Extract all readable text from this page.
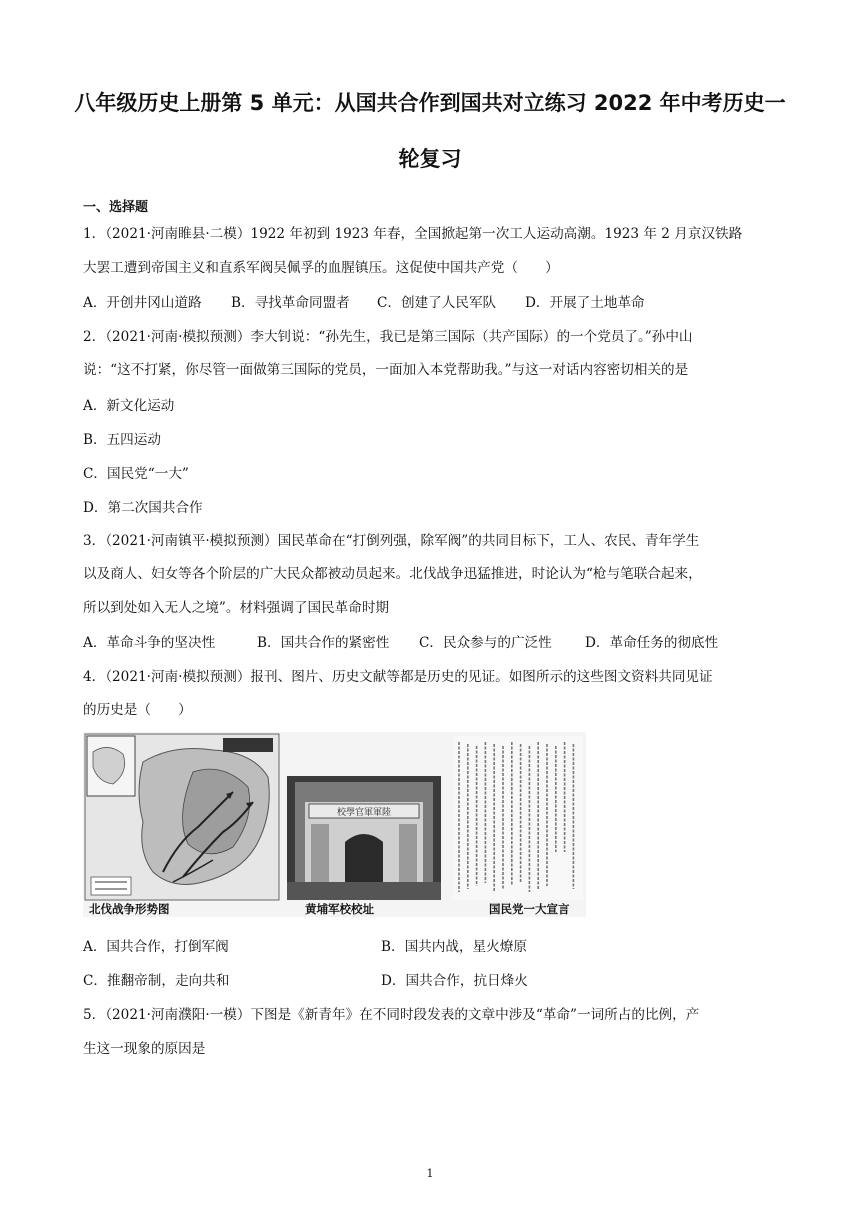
八年级历史上册第 5 单元：从国共合作到国共对立练习 2022 年中考历史一
轮复习
一、选择题
1．（2021·河南睢县·二模）1922 年初到 1923 年春，全国掀起第一次工人运动高潮。1923 年 2 月京汉铁路
大罢工遭到帝国主义和直系军阀吴佩孚的血腥镇压。这促使中国共产党（　　）
A．开创井冈山道路 B．寻找革命同盟者 C．创建了人民军队 D．开展了土地革命
2．（2021·河南·模拟预测）李大钊说：“孙先生，我已是第三国际（共产国际）的一个党员了。”孙中山
说：“这不打紧，你尽管一面做第三国际的党员，一面加入本党帮助我。”与这一对话内容密切相关的是
A．新文化运动
B．五四运动
C．国民党“一大”
D．第二次国共合作
3．（2021·河南镇平·模拟预测）国民革命在“打倒列强，除军阀”的共同目标下，工人、农民、青年学生
以及商人、妇女等各个阶层的广大民众都被动员起来。北伐战争迅猛推进，时论认为“枪与笔联合起来，
所以到处如入无人之境”。材料强调了国民革命时期
A．革命斗争的坚决性	B．国共合作的紧密性 C．民众参与的广泛性 D．革命任务的彻底性
4．（2021·河南·模拟预测）报刊、图片、历史文献等都是历史的见证。如图所示的这些图文资料共同见证
的历史是（　　）
校學官軍軍陸
北伐战争形势图	黄埔军校校址	国民党一大宣言
A．国共合作，打倒军阀	B．国共内战，星火燎原
C．推翻帝制，走向共和	D．国共合作，抗日烽火
5．（2021·河南濮阳·一模）下图是《新青年》在不同时段发表的文章中涉及“革命”一词所占的比例，产
生这一现象的原因是
1
